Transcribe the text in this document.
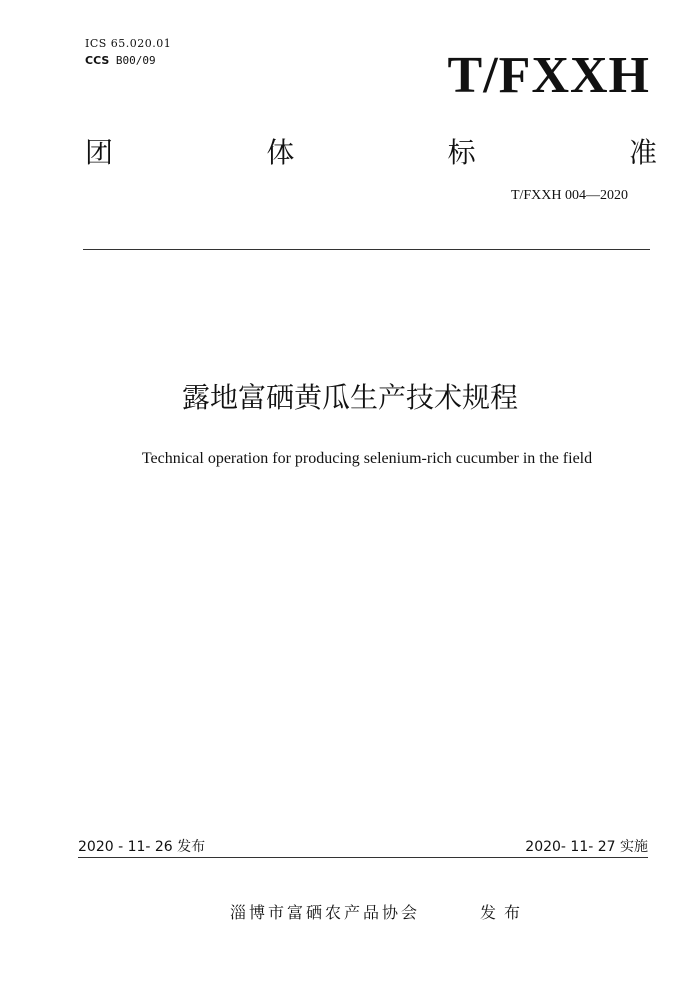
ICS 65.020.01
CCS B00/09	T/FXXH
团	体	标	准
T/FXXH 004—2020
露地富硒黄瓜生产技术规程
Technical operation for producing selenium-rich cucumber in the field
2020 - 11- 26 发布	2020- 11- 27 实施
淄博市富硒农产品协会	发布
